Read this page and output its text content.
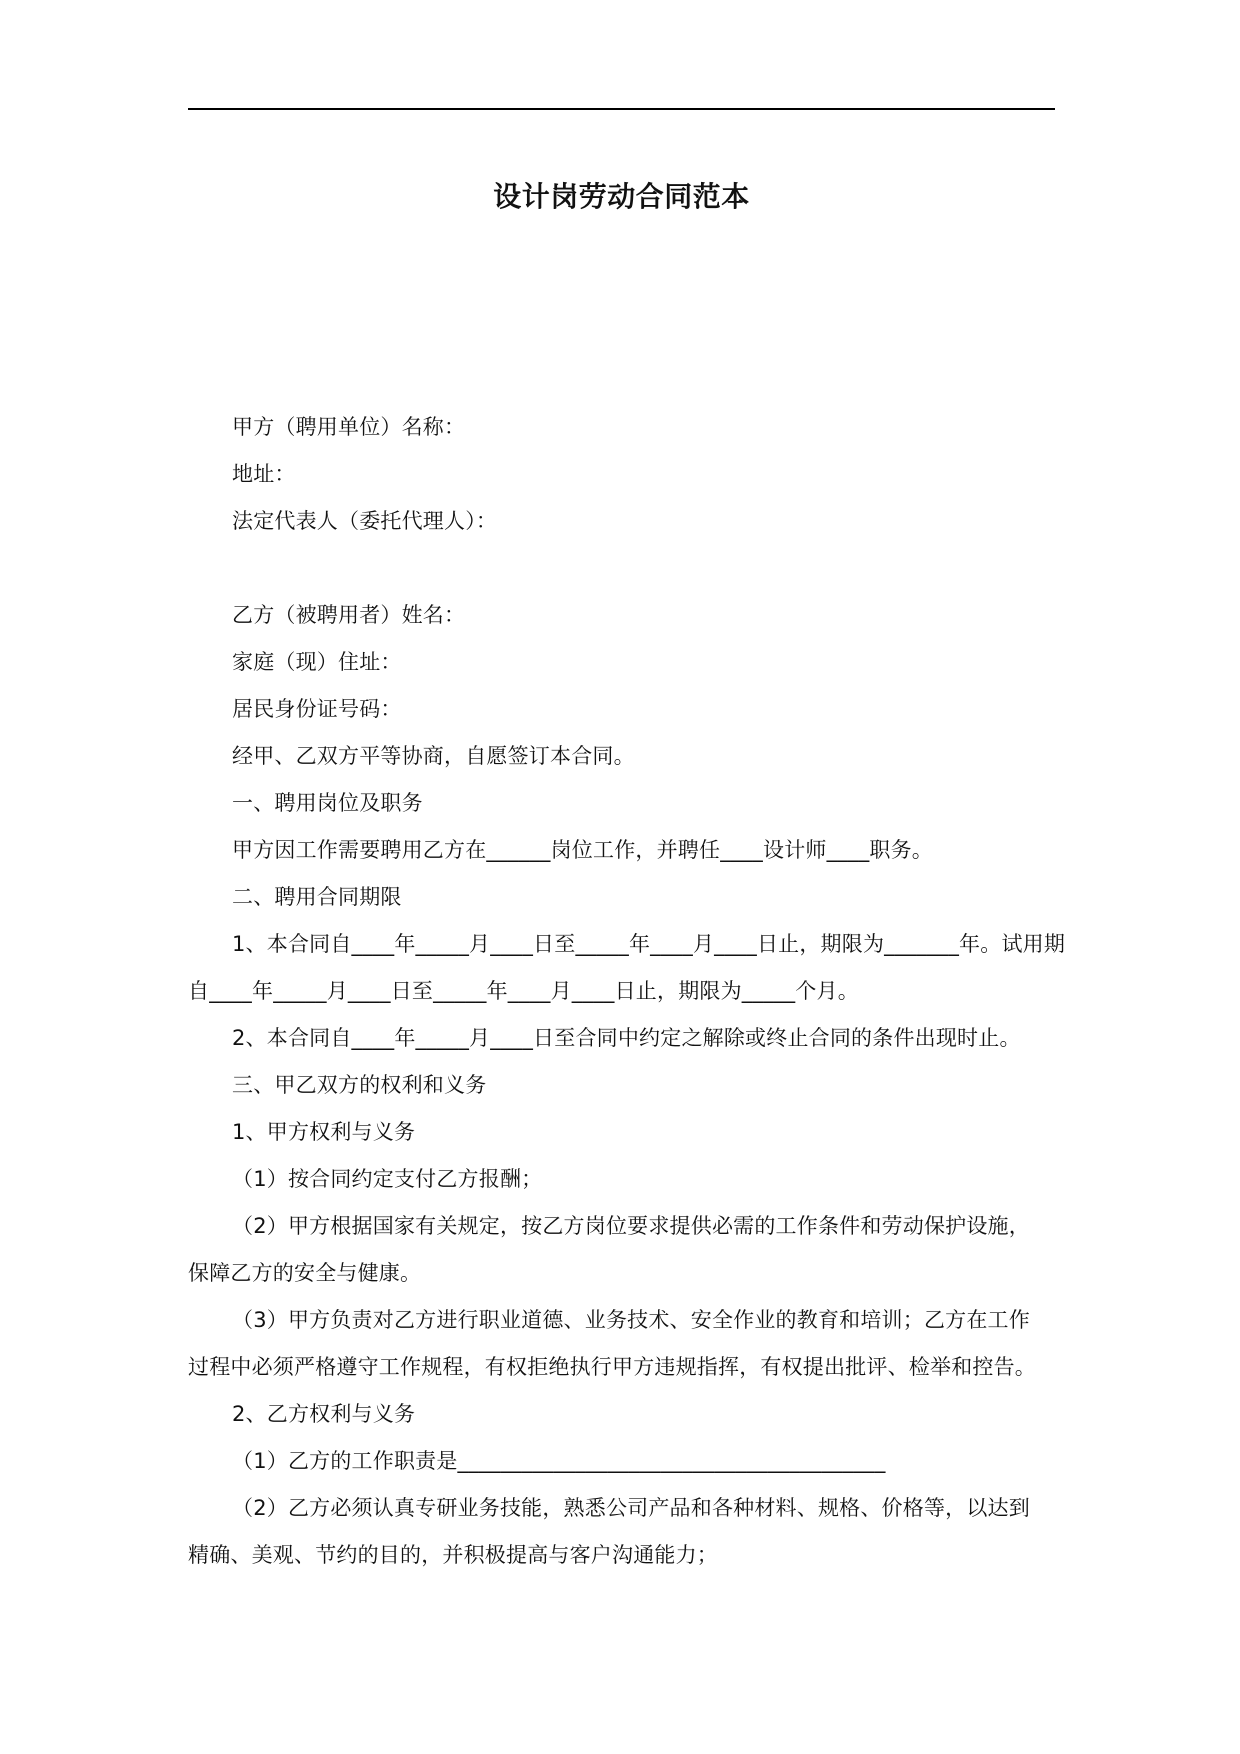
设计岗劳动合同范本
甲方（聘用单位）名称：
地址：
法定代表人（委托代理人）：
乙方（被聘用者）姓名：
家庭（现）住址：
居民身份证号码：
经甲、乙双方平等协商，自愿签订本合同。
一、聘用岗位及职务
甲方因工作需要聘用乙方在______岗位工作，并聘任____设计师____职务。
二、聘用合同期限
1、本合同自____年_____月____日至_____年____月____日止，期限为_______年。试用期
自____年_____月____日至_____年____月____日止，期限为_____个月。
2、本合同自____年_____月____日至合同中约定之解除或终止合同的条件出现时止。
三、甲乙双方的权利和义务
1、甲方权利与义务
（1）按合同约定支付乙方报酬；
（2）甲方根据国家有关规定，按乙方岗位要求提供必需的工作条件和劳动保护设施，
保障乙方的安全与健康。
（3）甲方负责对乙方进行职业道德、业务技术、安全作业的教育和培训；乙方在工作
过程中必须严格遵守工作规程，有权拒绝执行甲方违规指挥，有权提出批评、检举和控告。
2、乙方权利与义务
（1）乙方的工作职责是________________________________________
（2）乙方必须认真专研业务技能，熟悉公司产品和各种材料、规格、价格等，以达到
精确、美观、节约的目的，并积极提高与客户沟通能力；
